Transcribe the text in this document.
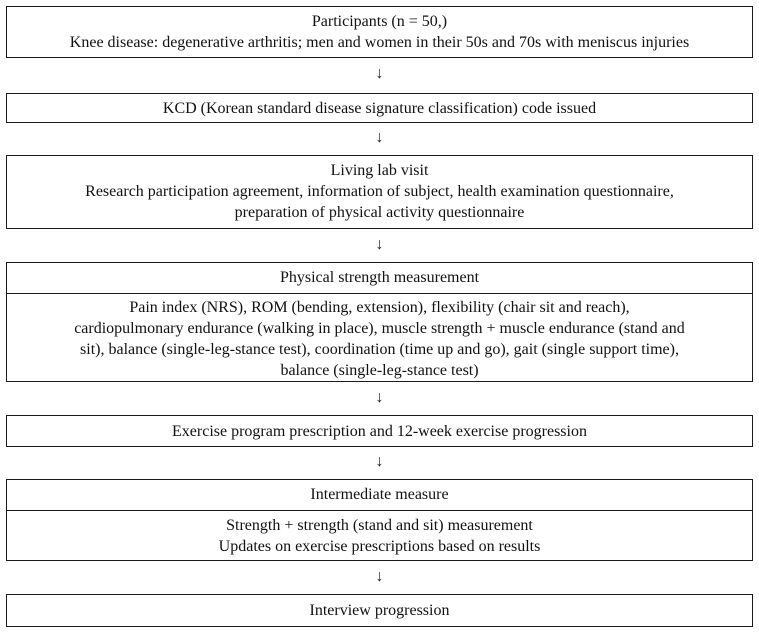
Participants (n = 50,)
Knee disease: degenerative arthritis; men and women in their 50s and 70s with meniscus injuries
↓
KCD (Korean standard disease signature classification) code issued
↓
Living lab visit
Research participation agreement, information of subject, health examination questionnaire,
preparation of physical activity questionnaire
↓
Physical strength measurement
Pain index (NRS), ROM (bending, extension), flexibility (chair sit and reach),
cardiopulmonary endurance (walking in place), muscle strength + muscle endurance (stand and
sit), balance (single-leg-stance test), coordination (time up and go), gait (single support time),
balance (single-leg-stance test)
↓
Exercise program prescription and 12-week exercise progression
↓
Intermediate measure
Strength + strength (stand and sit) measurement
Updates on exercise prescriptions based on results
↓
Interview progression
